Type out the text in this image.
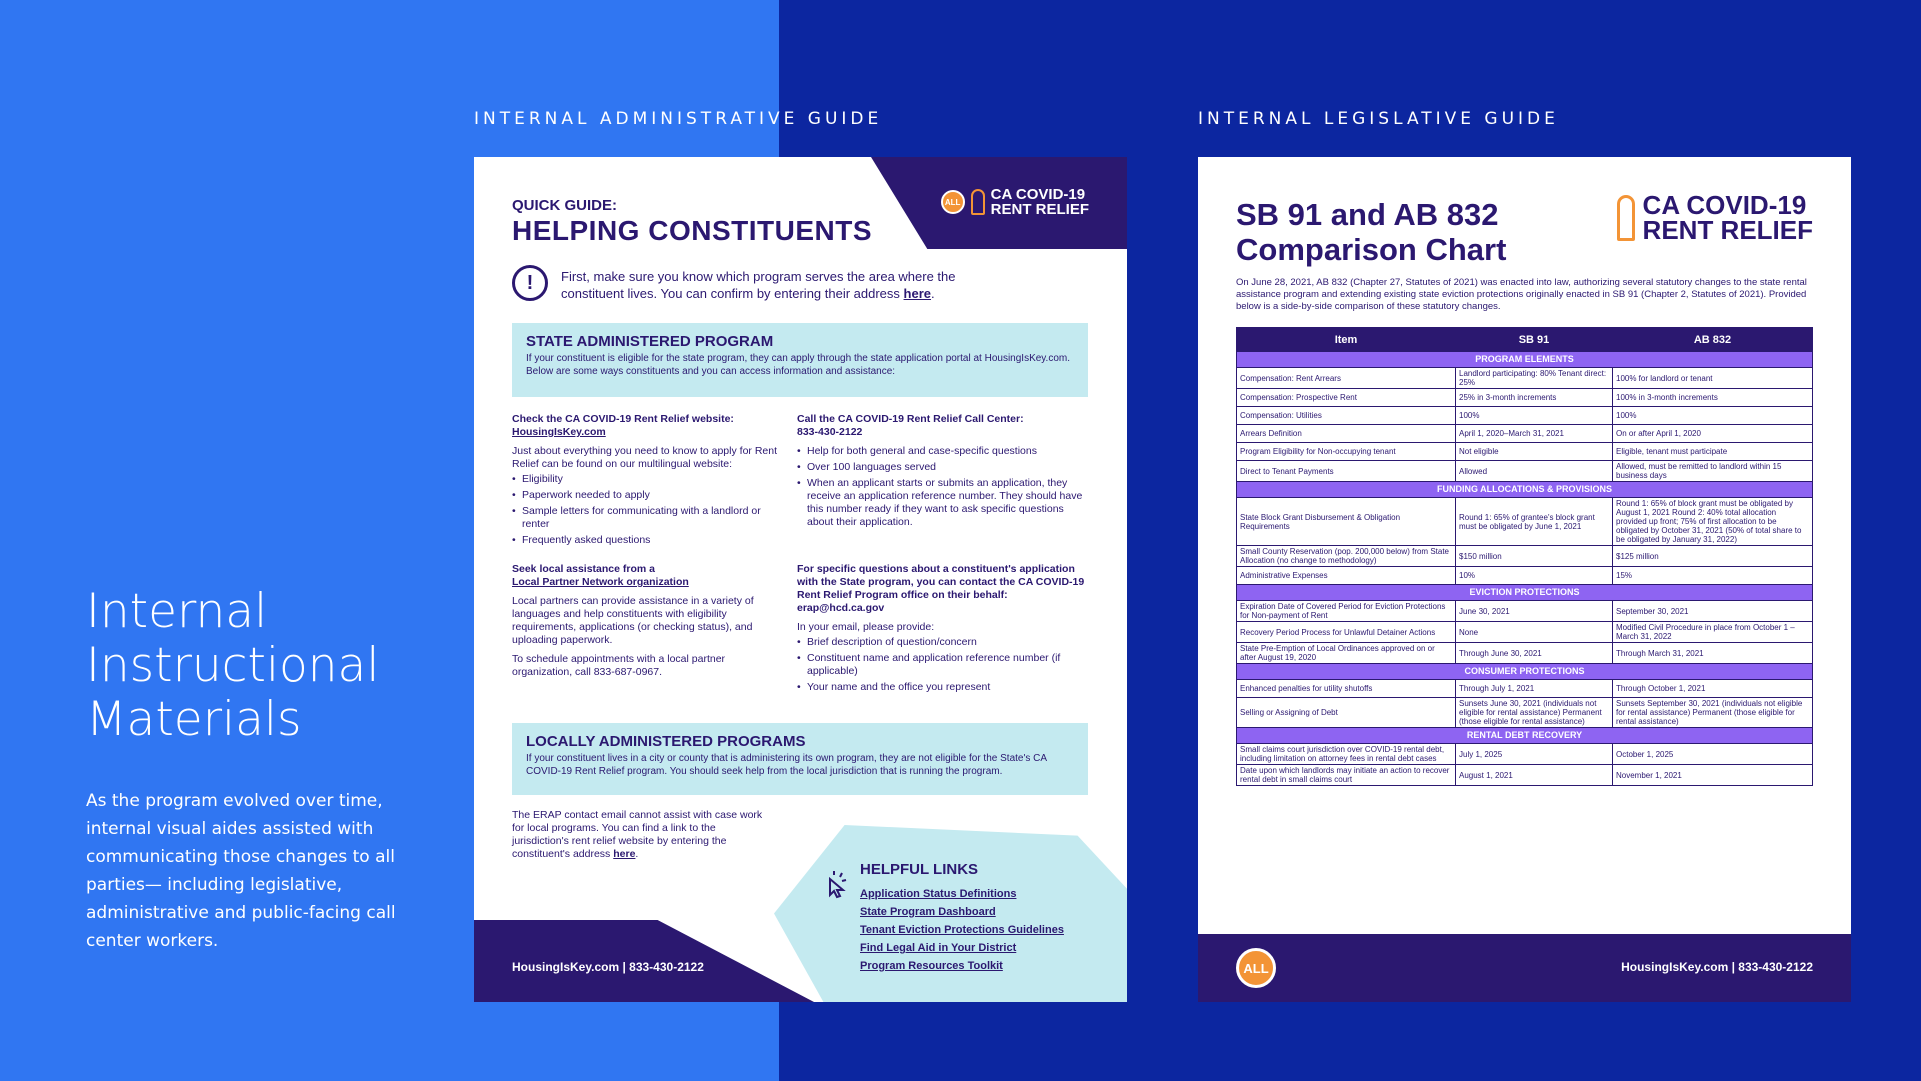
Internal Instructional Materials
As the program evolved over time, internal visual aides assisted with communicating those changes to all parties— including legislative, administrative and public-facing call center workers.
INTERNAL ADMINISTRATIVE GUIDE	INTERNAL LEGISLATIVE GUIDE
ALL CA COVID-19
RENT RELIEF
QUICK GUIDE:
HELPING CONSTITUENTS
!	First, make sure you know which program serves the area where the constituent lives. You can confirm by entering their address here.
STATE ADMINISTERED PROGRAM
If your constituent is eligible for the state program, they can apply through the state application portal at HousingIsKey.com. Below are some ways constituents and you can access information and assistance:
Check the CA COVID-19 Rent Relief website:
HousingIsKey.com

Just about everything you need to know to apply for Rent Relief can be found on our multilingual website:

• Eligibility
• Paperwork needed to apply
• Sample letters for communicating with a landlord or renter
• Frequently asked questions
Call the CA COVID-19 Rent Relief Call Center:
833-430-2122
• Help for both general and case-specific questions
• Over 100 languages served
• When an applicant starts or submits an application, they receive an application reference number. They should have this number ready if they want to ask specific questions about their application.
Seek local assistance from a
Local Partner Network organization

Local partners can provide assistance in a variety of languages and help constituents with eligibility requirements, applications (or checking status), and uploading paperwork.

To schedule appointments with a local partner organization, call 833-687-0967.

For specific questions about a constituent's application with the State program, you can contact the CA COVID-19 Rent Relief Program office on their behalf: erap@hcd.ca.gov

In your email, please provide:

• Brief description of question/concern
• Constituent name and application reference number (if applicable)
• Your name and the office you represent
LOCALLY ADMINISTERED PROGRAMS
If your constituent lives in a city or county that is administering its own program, they are not eligible for the State's CA COVID-19 Rent Relief program. You should seek help from the local jurisdiction that is running the program.
The ERAP contact email cannot assist with case work for local programs. You can find a link to the jurisdiction's rent relief website by entering the constituent's address here.
HELPFUL LINKS
Application Status Definitions
State Program Dashboard
Tenant Eviction Protections Guidelines
Find Legal Aid in Your District
Program Resources Toolkit
HousingIsKey.com | 833-430-2122
SB 91 and AB 832
Comparison Chart
CA COVID-19
RENT RELIEF
On June 28, 2021, AB 832 (Chapter 27, Statutes of 2021) was enacted into law, authorizing several statutory changes to the state rental assistance program and extending existing state eviction protections originally enacted in SB 91 (Chapter 2, Statutes of 2021). Provided below is a side-by-side comparison of these statutory changes.
Item	SB 91	AB 832
PROGRAM ELEMENTS		
Compensation: Rent Arrears	Landlord participating: 80% Tenant direct: 25%	100% for landlord or tenant
Compensation: Prospective Rent	25% in 3-month increments	100% in 3-month increments
Compensation: Utilities	100%	100%
Arrears Definition	April 1, 2020–March 31, 2021	On or after April 1, 2020
Program Eligibility for Non-occupying tenant	Not eligible	Eligible, tenant must participate
Direct to Tenant Payments	Allowed	Allowed, must be remitted to landlord within 15 business days
FUNDING ALLOCATIONS & PROVISIONS		
State Block Grant Disbursement & Obligation Requirements	Round 1: 65% of grantee's block grant must be obligated by June 1, 2021	Round 1: 65% of block grant must be obligated by August 1, 2021 Round 2: 40% total allocation provided up front; 75% of first allocation to be obligated by October 31, 2021 (50% of total share to be obligated by January 31, 2022)
Small County Reservation (pop. 200,000 below) from State Allocation (no change to methodology)	$150 million	$125 million
Administrative Expenses	10%	15%
EVICTION PROTECTIONS		
Expiration Date of Covered Period for Eviction Protections for Non-payment of Rent	June 30, 2021	September 30, 2021
Recovery Period Process for Unlawful Detainer Actions	None	Modified Civil Procedure in place from October 1 – March 31, 2022
State Pre-Emption of Local Ordinances approved on or after August 19, 2020	Through June 30, 2021	Through March 31, 2021
CONSUMER PROTECTIONS		
Enhanced penalties for utility shutoffs	Through July 1, 2021	Through October 1, 2021
Selling or Assigning of Debt	Sunsets June 30, 2021 (individuals not eligible for rental assistance) Permanent (those eligible for rental assistance)	Sunsets September 30, 2021 (individuals not eligible for rental assistance) Permanent (those eligible for rental assistance)
RENTAL DEBT RECOVERY		
Small claims court jurisdiction over COVID-19 rental debt, including limitation on attorney fees in rental debt cases	July 1, 2025	October 1, 2025
Date upon which landlords may initiate an action to recover rental debt in small claims court	August 1, 2021	November 1, 2021
ALL	HousingIsKey.com | 833-430-2122
